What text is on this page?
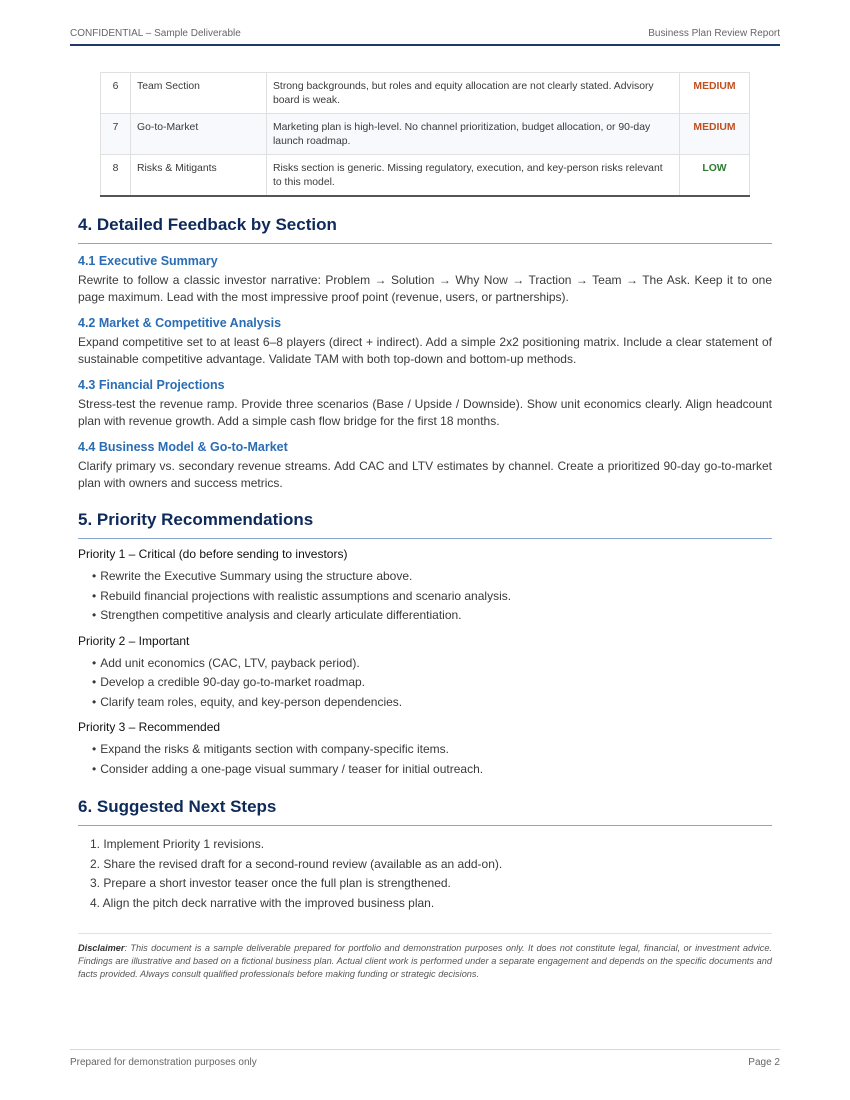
CONFIDENTIAL – Sample Deliverable	Business Plan Review Report
6	Team Section	Strong backgrounds, but roles and equity allocation are not clearly stated. Advisory board is weak.	MEDIUM
7	Go-to-Market	Marketing plan is high-level. No channel prioritization, budget allocation, or 90-day launch roadmap.	MEDIUM
8	Risks & Mitigants	Risks section is generic. Missing regulatory, execution, and key-person risks relevant to this model.	LOW
4. Detailed Feedback by Section
4.1 Executive Summary

Rewrite to follow a classic investor narrative: Problem → Solution → Why Now → Traction → Team → The Ask. Keep it to one page maximum. Lead with the most impressive proof point (revenue, users, or partnerships).

4.2 Market & Competitive Analysis

Expand competitive set to at least 6–8 players (direct + indirect). Add a simple 2x2 positioning matrix. Include a clear statement of sustainable competitive advantage. Validate TAM with both top-down and bottom-up methods.

4.3 Financial Projections

Stress-test the revenue ramp. Provide three scenarios (Base / Upside / Downside). Show unit economics clearly. Align headcount plan with revenue growth. Add a simple cash flow bridge for the first 18 months.

4.4 Business Model & Go-to-Market

Clarify primary vs. secondary revenue streams. Add CAC and LTV estimates by channel. Create a prioritized 90-day go-to-market plan with owners and success metrics.

5. Priority Recommendations
Priority 1 – Critical (do before sending to investors)
• Rewrite the Executive Summary using the structure above.
• Rebuild financial projections with realistic assumptions and scenario analysis.
• Strengthen competitive analysis and clearly articulate differentiation.
Priority 2 – Important
• Add unit economics (CAC, LTV, payback period).
• Develop a credible 90-day go-to-market roadmap.
• Clarify team roles, equity, and key-person dependencies.
Priority 3 – Recommended
• Expand the risks & mitigants section with company-specific items.
• Consider adding a one-page visual summary / teaser for initial outreach.
6. Suggested Next Steps
1. Implement Priority 1 revisions.
2. Share the revised draft for a second-round review (available as an add-on).
3. Prepare a short investor teaser once the full plan is strengthened.
4. Align the pitch deck narrative with the improved business plan.
Disclaimer: This document is a sample deliverable prepared for portfolio and demonstration purposes only. It does not constitute legal, financial, or investment advice. Findings are illustrative and based on a fictional business plan. Actual client work is performed under a separate engagement and depends on the specific documents and facts provided. Always consult qualified professionals before making funding or strategic decisions.
Prepared for demonstration purposes only	Page 2
